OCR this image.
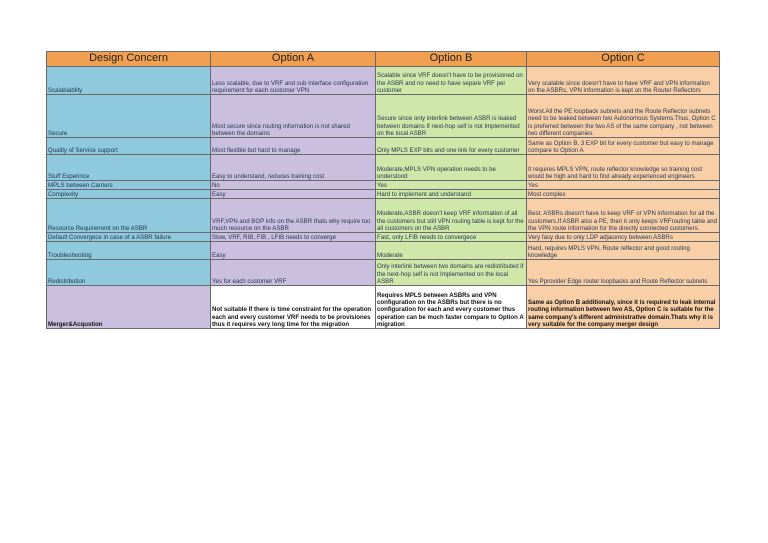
Design Concern	Option A	Option B	Option C
Scalabiablity	Less scalable, due to VRF and sub interface configuration requirement for each customer VPN	Scalable since VRF doesn't have to be provisioned on the ASBR and no need to have separe VRF per customer	Very scalable since doesn't have to have VRF and VPN information on the ASBRs, VPN information is kept on the Router Reflectors
Secure	Most secure since routing information is not shared between the domains	Secure since only interlink between ASBR is leaked between domains If next-hop self is not Implemented on the local ASBR	Worst.All the PE loopback subnets and the Route Reflector subnets need to be leaked between two Autonomous Systems.Thus, Option C is preferred between the two AS of the same company , not between two different companies.
Quality of Service support	Most flexible but hard to manage	Only MPLS EXP bits and one link for every customer	Same as Option B, 3 EXP bit for every customer but easy to manage compare to Option A
Stuff Experince	Easy to understand, reduces training cost	Moderate,MPLS VPN operation needs to be understood	It requires MPLS VPN, route reflector knowledge so training cost would be high and hard to find already experienced engineers
MPLS between Carriers	No	Yes	Yes
Complexity	Easy	Hard to implement and understand	Most complex
Resource Requirement on the ASBR	VRF,VPN and BGP info on the ASBR thats why require too much resource on the ASBR	Moderate,ASBR doesn't keep VRF information of all the customers but still VPN routing table is kept for the all customers on the ASBR	Best. ASBRs doesn't have to keep VRF or VPN information for all the customers.If ASBR also a PE, then it only keeps VRFrouting table and the VPN route information for the directly connected customers.
Default Convergece in case of a ASBR failure	Slow, VRF, RIB, FIB , LFIB needs to converge	Fast, only LFIB needs to convergece	Very fasy due to only LDP adjacency between ASBRs
Troubleshooting	Easy	Moderate	Hard, requires MPLS VPN, Route reflector and good routing knowledge
Redistribution	Yes for each customer VRF	Only interlink between two domains are redistributed if the next-hop self is not Implemented on the local ASBR	Yes Pprovider Edge router loopbacks and Route Reflector subnets
Merger&Acqustion	Not suitable If there is time constraint for the operation each and every customer VRF needs to be provisiones thus it requires very long time for the migration	Requires MPLS between ASBRs and VPN configuration on the ASBRs but there is no configuration for each and every customer thus operation can be much faster compare to Option A migration	Same as Option B additionaly, since it is required to leak internal routing information between two AS, Option C is suitable for the same company's different administrative domain.Thats why it is very suitable for the company merger design
